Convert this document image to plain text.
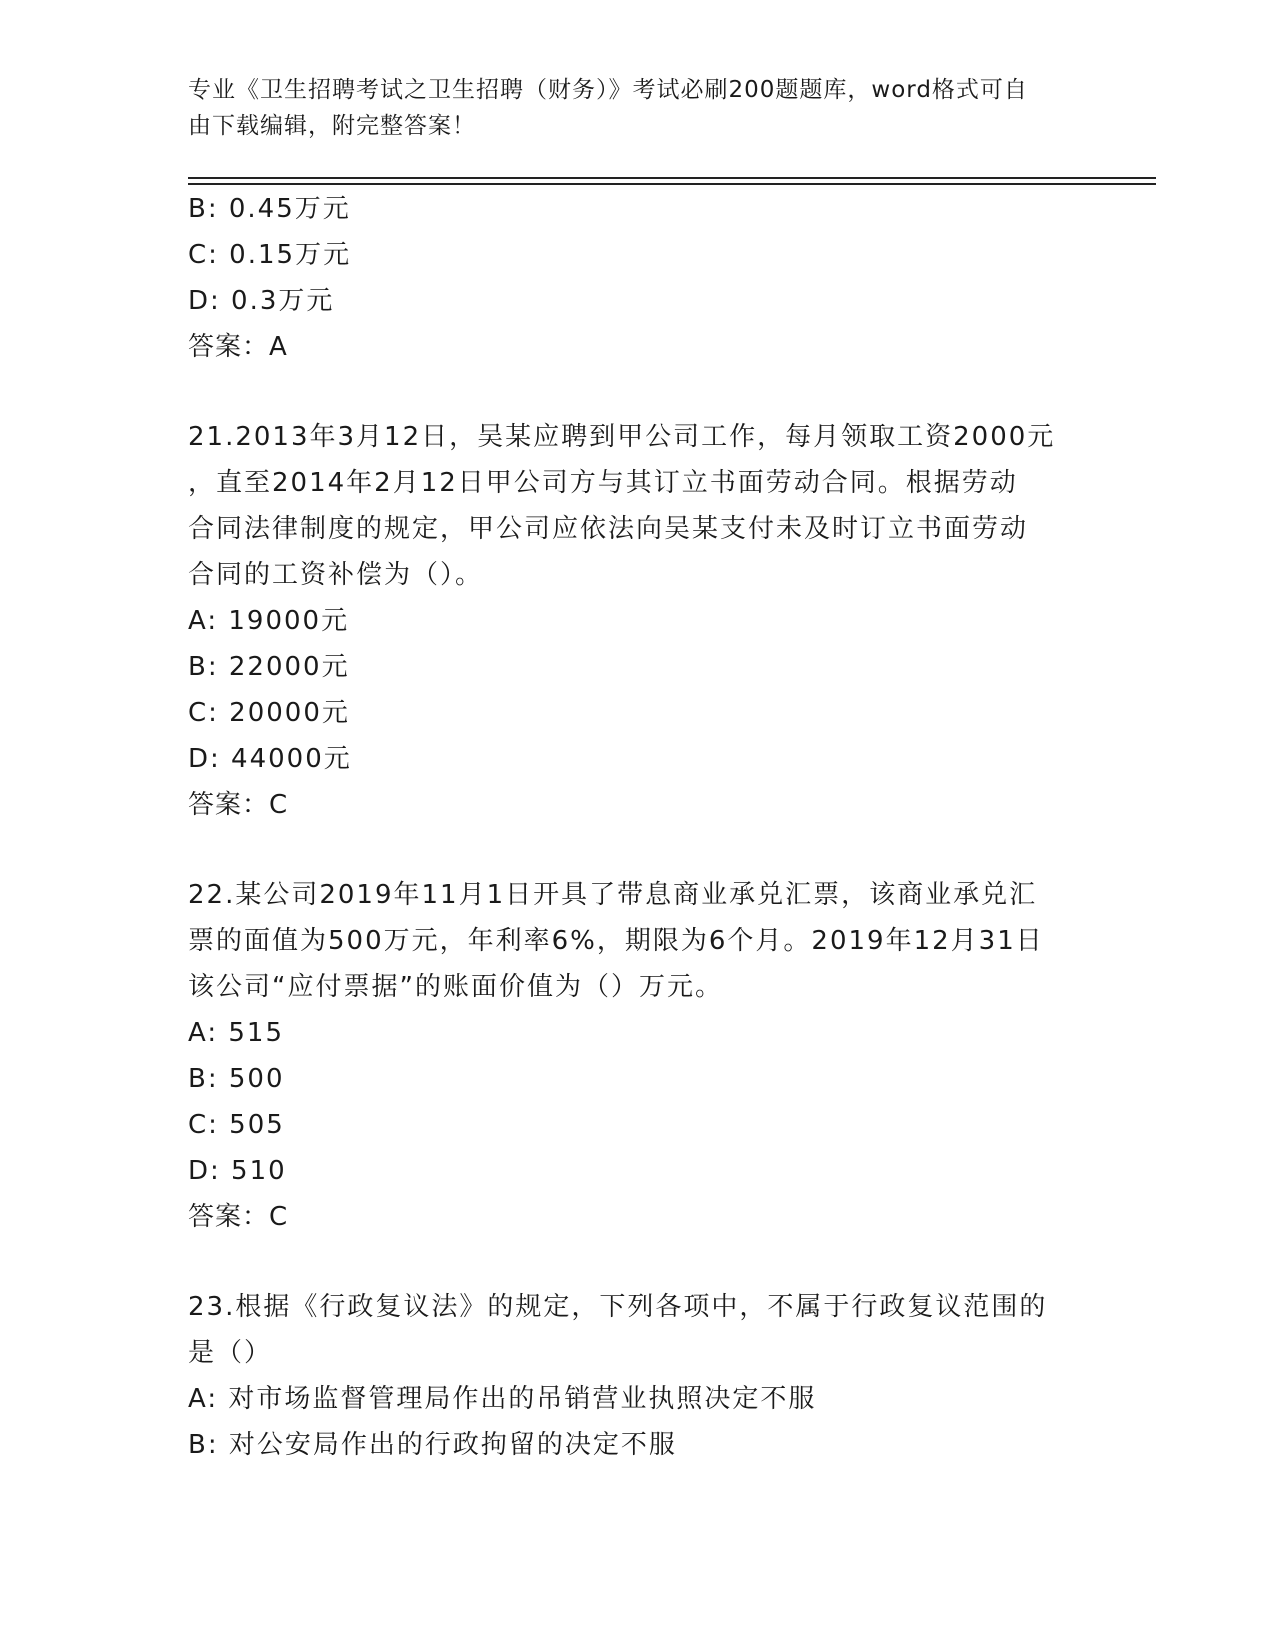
专业《卫生招聘考试之卫生招聘（财务）》考试必刷200题题库，word格式可自
由下载编辑，附完整答案！
B: 0.45万元
C: 0.15万元
D: 0.3万元
答案：A
21.2013年3月12日，吴某应聘到甲公司工作，每月领取工资2000元
，直至2014年2月12日甲公司方与其订立书面劳动合同。根据劳动
合同法律制度的规定，甲公司应依法向吴某支付未及时订立书面劳动
合同的工资补偿为（）。
A: 19000元
B: 22000元
C: 20000元
D: 44000元
答案：C
22.某公司2019年11月1日开具了带息商业承兑汇票，该商业承兑汇
票的面值为500万元，年利率6%，期限为6个月。2019年12月31日
该公司“应付票据”的账面价值为（）万元。
A: 515
B: 500
C: 505
D: 510
答案：C
23.根据《行政复议法》的规定，下列各项中，不属于行政复议范围的
是（）
A: 对市场监督管理局作出的吊销营业执照决定不服
B: 对公安局作出的行政拘留的决定不服
